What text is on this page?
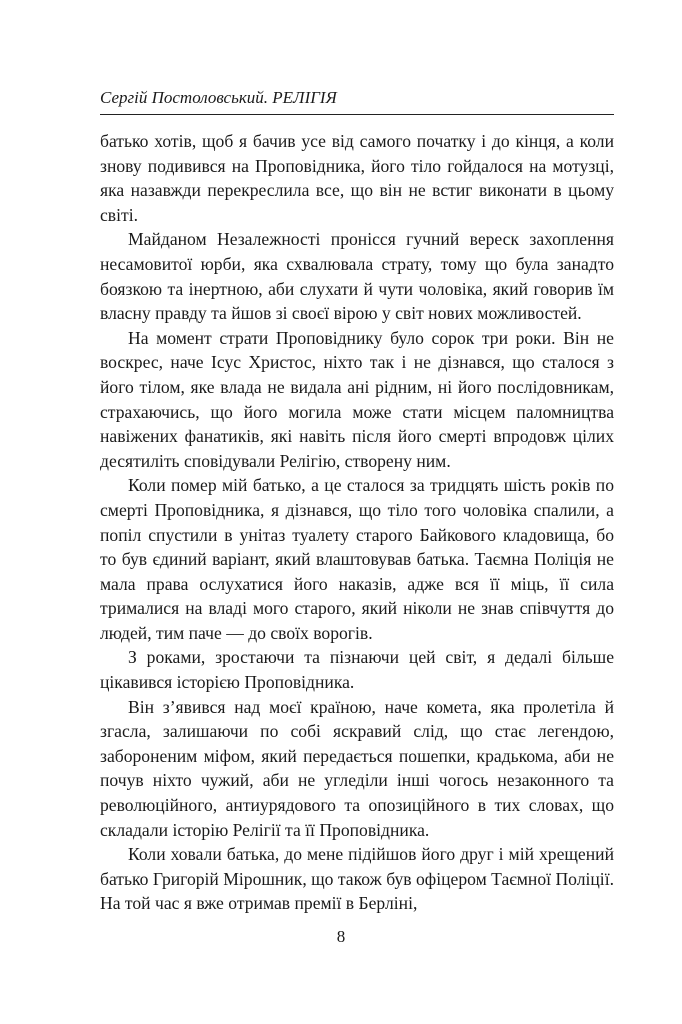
Сергій Постоловський. РЕЛІГІЯ

батько хотів, щоб я бачив усе від самого початку і до кінця, а коли знову подивився на Проповідника, його тіло гойдалося на мотузці, яка назавжди перекреслила все, що він не встиг виконати в цьому світі.

Майданом Незалежності пронісся гучний вереск захоплення несамовитої юрби, яка схвалювала страту, тому що була занадто боязкою та інертною, аби слухати й чути чоловіка, який говорив їм власну правду та йшов зі своєї вірою у світ нових можливостей.

На момент страти Проповіднику було сорок три роки. Він не воскрес, наче Ісус Христос, ніхто так і не дізнався, що сталося з його тілом, яке влада не видала ані рідним, ні його послідовникам, страхаючись, що його могила може стати місцем паломництва навіжених фанатиків, які навіть після його смерті впродовж цілих десятиліть сповідували Релігію, створену ним.

Коли помер мій батько, а це сталося за тридцять шість років по смерті Проповідника, я дізнався, що тіло того чоловіка спалили, а попіл спустили в унітаз туалету старого Байкового кладовища, бо то був єдиний варіант, який влаштовував батька. Таємна Поліція не мала права ослухатися його наказів, адже вся її міць, її сила трималися на владі мого старого, який ніколи не знав співчуття до людей, тим паче — до своїх ворогів.

З роками, зростаючи та пізнаючи цей світ, я дедалі більше цікавився історією Проповідника.

Він з’явився над моєї країною, наче комета, яка пролетіла й згасла, залишаючи по собі яскравий слід, що стає легендою, забороненим міфом, який передається пошепки, крадькома, аби не почув ніхто чужий, аби не угледіли інші чогось незаконного та революційного, антиурядового та опозиційного в тих словах, що складали історію Релігії та її Проповідника.

Коли ховали батька, до мене підійшов його друг і мій хрещений батько Григорій Мірошник, що також був офіцером Таємної Поліції. На той час я вже отримав премії в Берліні,

8
